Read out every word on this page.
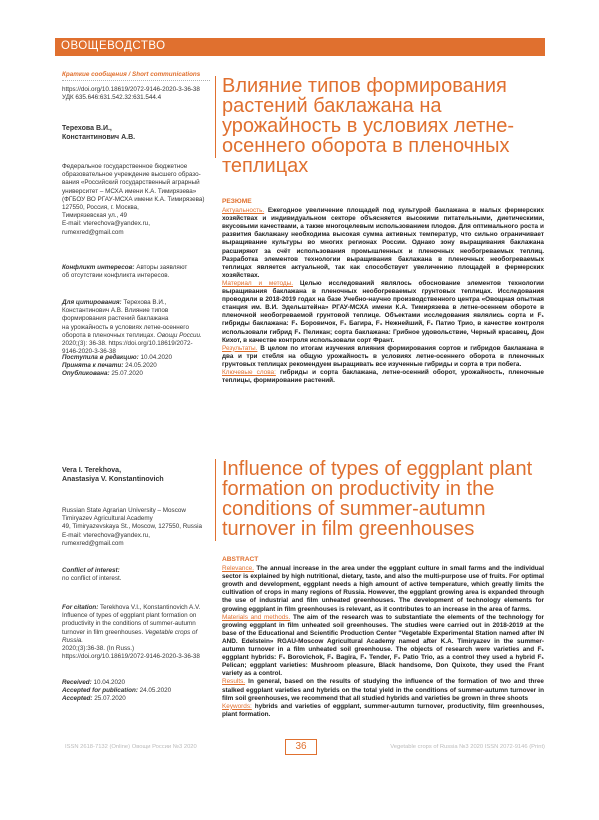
ОВОЩЕВОДСТВО

Краткие сообщения / Short communications

https://doi.org/10.18619/2072-9146-2020-3-36-38

УДК 635.646:631.542.32:631.544.4

Терехова В.И.,

Константинович А.В.

Федеральное государственное бюджетное

образовательное учреждение высшего образо-

вания «Российский государственный аграрный

университет – МСХА имени К.А. Тимирязева»

(ФГБОУ ВО РГАУ-МСХА имени К.А. Тимирязева)

127550, Россия, г. Москва,

Тимирязевская ул., 49

E-mail: vterechova@yandex.ru,

rumexred@gmail.com

Конфликт интересов: Авторы заявляют

об отсутствии конфликта интересов.

Для цитирования: Терехова В.И.,

Константинович А.В. Влияние типов

формирования растений баклажана

на урожайность в условиях летне-осеннего

оборота в пленочных теплицах. Овощи России.

2020;(3): 36-38. https://doi.org/10.18619/2072-

9146-2020-3-36-38

Поступила в редакцию: 10.04.2020

Принята к печати: 24.05.2020

Опубликована: 25.07.2020

Влияние типов формирования растений баклажана на урожайность в условиях летне-осеннего оборота в пленочных теплицах

РЕЗЮМЕ

Актуальность. Ежегодное увеличение площадей под культурой баклажана в малых фермерских хозяйствах и индивидуальном секторе объясняется высокими питательными, диетическими, вкусовыми качествами, а также многоцелевым использованием плодов. Для оптимального роста и развития баклажану необходима высокая сумма активных температур, что сильно ограничивает выращивание культуры во многих регионах России. Однако зону выращивания баклажана расширяют за счёт использования промышленных и пленочных необогреваемых теплиц. Разработка элементов технологии выращивания баклажана в пленочных необогреваемых теплицах является актуальной, так как способствует увеличению площадей в фермерских хозяйствах.

Материал и методы. Целью исследований являлось обоснование элементов технологии выращивания баклажана в пленочных необогреваемых грунтовых теплицах. Исследования проводили в 2018-2019 годах на базе Учебно-научно производственного центра «Овощная опытная станция им. В.И. Эдельштейна» РГАУ-МСХА имени К.А. Тимирязева в летне-осеннем обороте в пленочной необогреваемой грунтовой теплице. Объектами исследования являлись сорта и F₁ гибриды баклажана: F₁ Боровичок, F₁ Багира, F₁ Нежнейший, F₁ Патио Трио, в качестве контроля использовали гибрид F₁ Пеликан; сорта баклажана: Грибное удовольствие, Черный красавец, Дон Кихот, в качестве контроля использовали сорт Франт.

Результаты. В целом по итогам изучения влияния формирования сортов и гибридов баклажана в два и три стебля на общую урожайность в условиях летне-осеннего оборота в пленочных грунтовых теплицах рекомендуем выращивать все изученные гибриды и сорта в три побега.

Ключевые слова: гибриды и сорта баклажана, летне-осенний оборот, урожайность, пленочные теплицы, формирование растений.

Vera I. Terekhova,

Anastasiya V. Konstantinovich

Russian State Agrarian University – Moscow

Timiryazev Agricultural Academy

49, Timiryazevskaya St., Moscow, 127550, Russia

E-mail: vterechova@yandex.ru,

rumexred@gmail.com

Conflict of interest:

no conflict of interest.

For citation: Terekhova V.I., Konstantinovich A.V.

Influence of types of eggplant plant formation on

productivity in the conditions of summer-autumn

turnover in film greenhouses. Vegetable crops of Russia.

2020;(3):36-38. (In Russ.)

https://doi.org/10.18619/2072-9146-2020-3-36-38

Received: 10.04.2020

Accepted for publication: 24.05.2020

Accepted: 25.07.2020

Influence of types of eggplant plant formation on productivity in the conditions of summer-autumn turnover in film greenhouses

ABSTRACT

Relevance. The annual increase in the area under the eggplant culture in small farms and the individual sector is explained by high nutritional, dietary, taste, and also the multi-purpose use of fruits. For optimal growth and development, eggplant needs a high amount of active temperature, which greatly limits the cultivation of crops in many regions of Russia. However, the eggplant growing area is expanded through the use of industrial and film unheated greenhouses. The development of technology elements for growing eggplant in film greenhouses is relevant, as it contributes to an increase in the area of farms.

Materials and methods. The aim of the research was to substantiate the elements of the technology for growing eggplant in film unheated soil greenhouses. The studies were carried out in 2018-2019 at the base of the Educational and Scientific Production Center "Vegetable Experimental Station named after IN AND. Edelstein» RGAU-Moscow Agricultural Academy named after K.A. Timiryazev in the summer-autumn turnover in a film unheated soil greenhouse. The objects of research were varieties and F₁ eggplant hybrids: F₁ Borovichok, F₁ Bagira, F₁ Tender, F₁ Patio Trio, as a control they used a hybrid F₁ Pelican; eggplant varieties: Mushroom pleasure, Black handsome, Don Quixote, they used the Frant variety as a control.

Results. In general, based on the results of studying the influence of the formation of two and three stalked eggplant varieties and hybrids on the total yield in the conditions of summer-autumn turnover in film soil greenhouses, we recommend that all studied hybrids and varieties be grown in three shoots

Keywords: hybrids and varieties of eggplant, summer-autumn turnover, productivity, film greenhouses, plant formation.

ISSN 2618-7132 (Online) Овощи России №3 2020	36	Vegetable crops of Russia №3 2020 ISSN 2072-9146 (Print)
